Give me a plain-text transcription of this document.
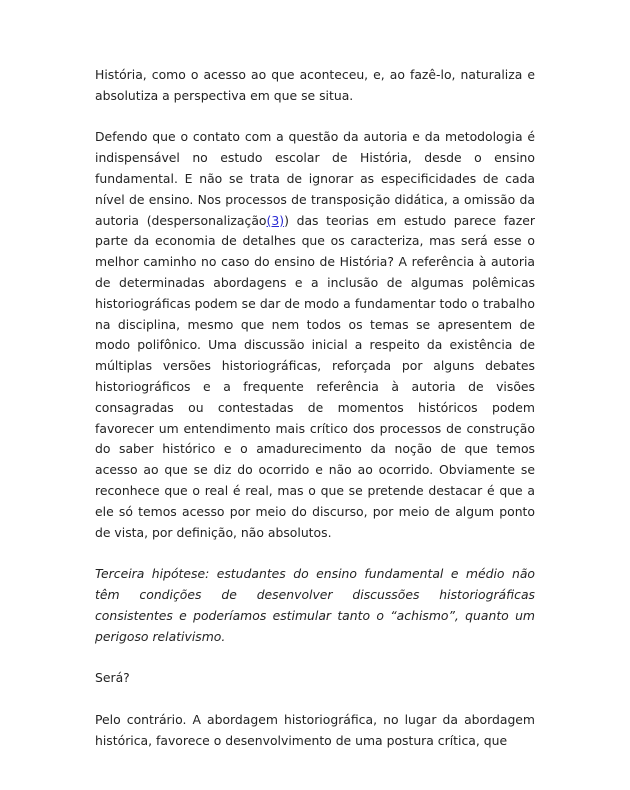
História, como o acesso ao que aconteceu, e, ao fazê-lo, naturaliza e absolutiza a perspectiva em que se situa.

Defendo que o contato com a questão da autoria e da metodologia é indispensável no estudo escolar de História, desde o ensino fundamental. E não se trata de ignorar as especificidades de cada nível de ensino. Nos processos de transposição didática, a omissão da autoria (despersonalização(3)) das teorias em estudo parece fazer parte da economia de detalhes que os caracteriza, mas será esse o melhor caminho no caso do ensino de História? A referência à autoria de determinadas abordagens e a inclusão de algumas polêmicas historiográficas podem se dar de modo a fundamentar todo o trabalho na disciplina, mesmo que nem todos os temas se apresentem de modo polifônico. Uma discussão inicial a respeito da existência de múltiplas versões historiográficas, reforçada por alguns debates historiográficos e a frequente referência à autoria de visões consagradas ou contestadas de momentos históricos podem favorecer um entendimento mais crítico dos processos de construção do saber histórico e o amadurecimento da noção de que temos acesso ao que se diz do ocorrido e não ao ocorrido. Obviamente se reconhece que o real é real, mas o que se pretende destacar é que a ele só temos acesso por meio do discurso, por meio de algum ponto de vista, por definição, não absolutos.

Terceira hipótese: estudantes do ensino fundamental e médio não têm condições de desenvolver discussões historiográficas consistentes e poderíamos estimular tanto o “achismo”, quanto um perigoso relativismo.

Será?

Pelo contrário. A abordagem historiográfica, no lugar da abordagem histórica, favorece o desenvolvimento de uma postura crítica, que
